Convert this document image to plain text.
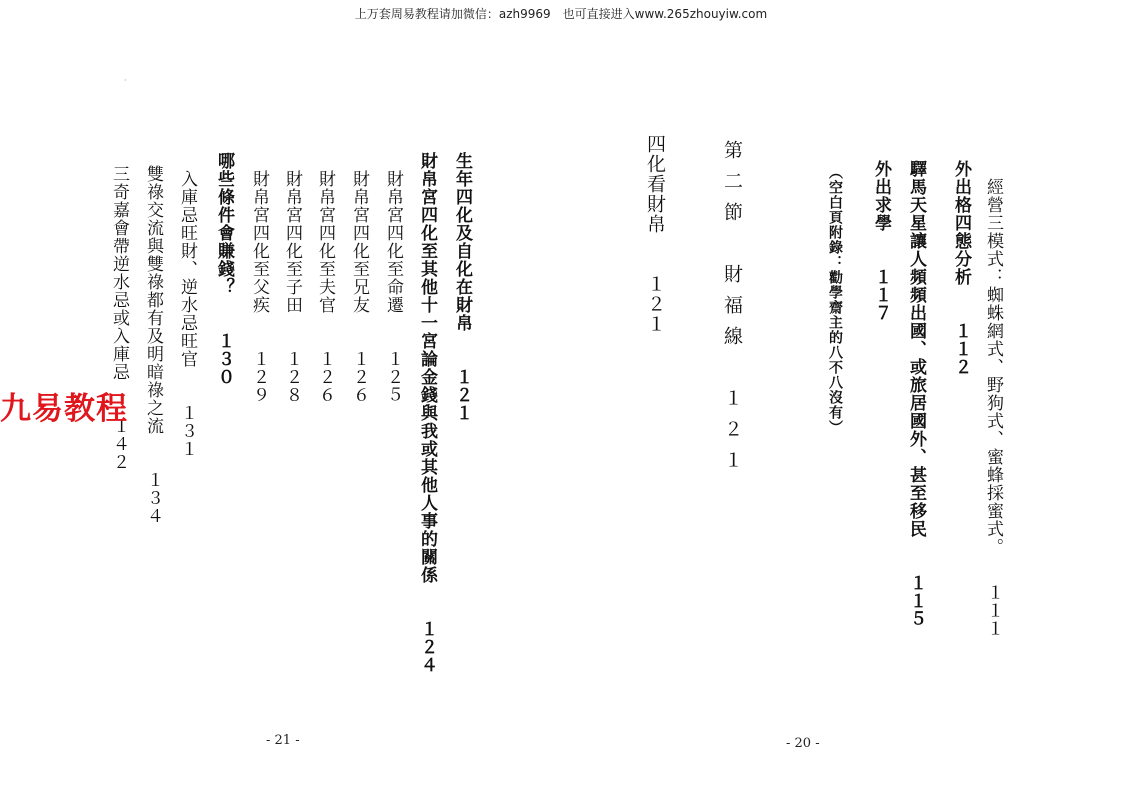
上万套周易教程请加微信：azh9969　也可直接进入www.265zhouyiw.com
·
經營三模式：蜘蛛網式、野狗式、蜜蜂採蜜式。　　１１１
外出格四態分析　　１１２
驛馬天星讓人頻頻出國、或旅居國外、甚至移民　　１１５
外出求學　　１１７
（空白頁附錄：勸學齋主的八不八沒有）
第二節　財福線　１２１
四化看財帛　　１２１
- 20 -
生年四化及自化在財帛　　１２１
財帛宮四化至其他十一宮論金錢與我或其他人事的關係　　１２４
財帛宮四化至命遷　　１２５
財帛宮四化至兄友　　１２６
財帛宮四化至夫官　　１２６
財帛宮四化至子田　　１２８
財帛宮四化至父疾　　１２９
哪些條件會賺錢？　　１３０
入庫忌旺財、逆水忌旺官　　１３１
雙祿交流與雙祿都有及明暗祿之流　　１３４
三奇嘉會帶逆水忌或入庫忌　　１４２
- 21 -
九易教程
